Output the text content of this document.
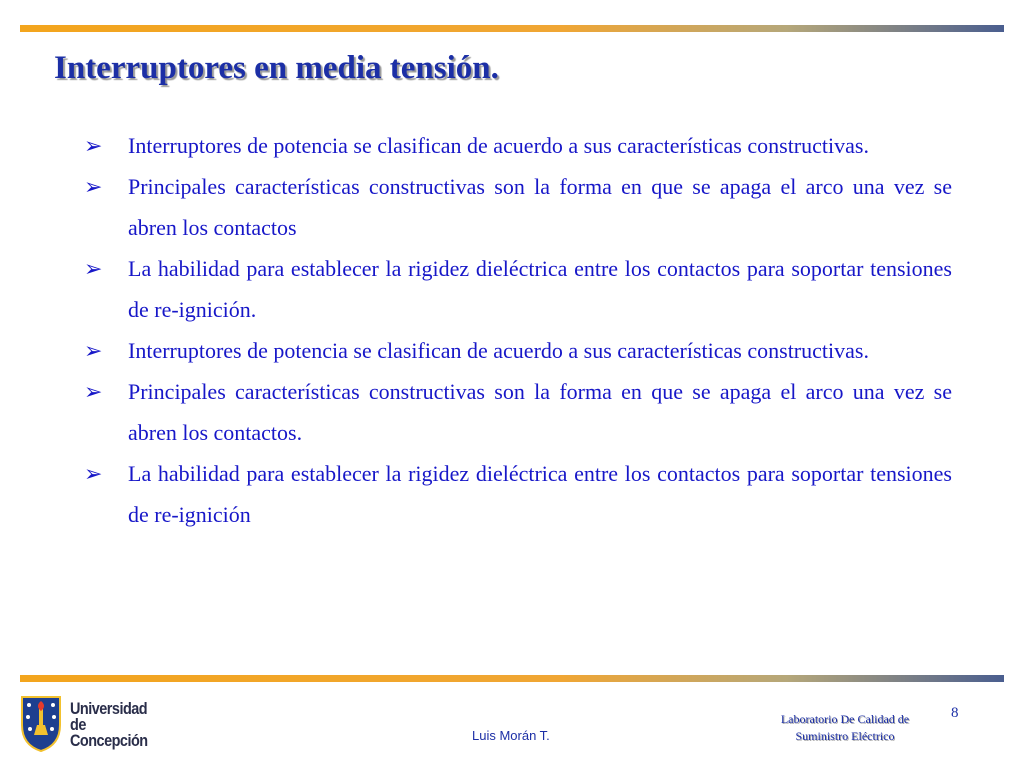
Interruptores en media tensión.
➢ Interruptores de potencia se clasifican de acuerdo a sus características constructivas.
➢ Principales características constructivas son la forma en que se apaga el arco una vez se abren los contactos
➢ La habilidad para establecer la rigidez dieléctrica entre los contactos para soportar tensiones de re-ignición.
➢ Interruptores de potencia se clasifican de acuerdo a sus características constructivas.
➢ Principales características constructivas son la forma en que se apaga el arco una vez se abren los contactos.
➢ La habilidad para establecer la rigidez dieléctrica entre los contactos para soportar tensiones de re-ignición
Universidad
de Concepción	Luis Morán T.
Laboratorio De Calidad de
Suministro Eléctrico
8
